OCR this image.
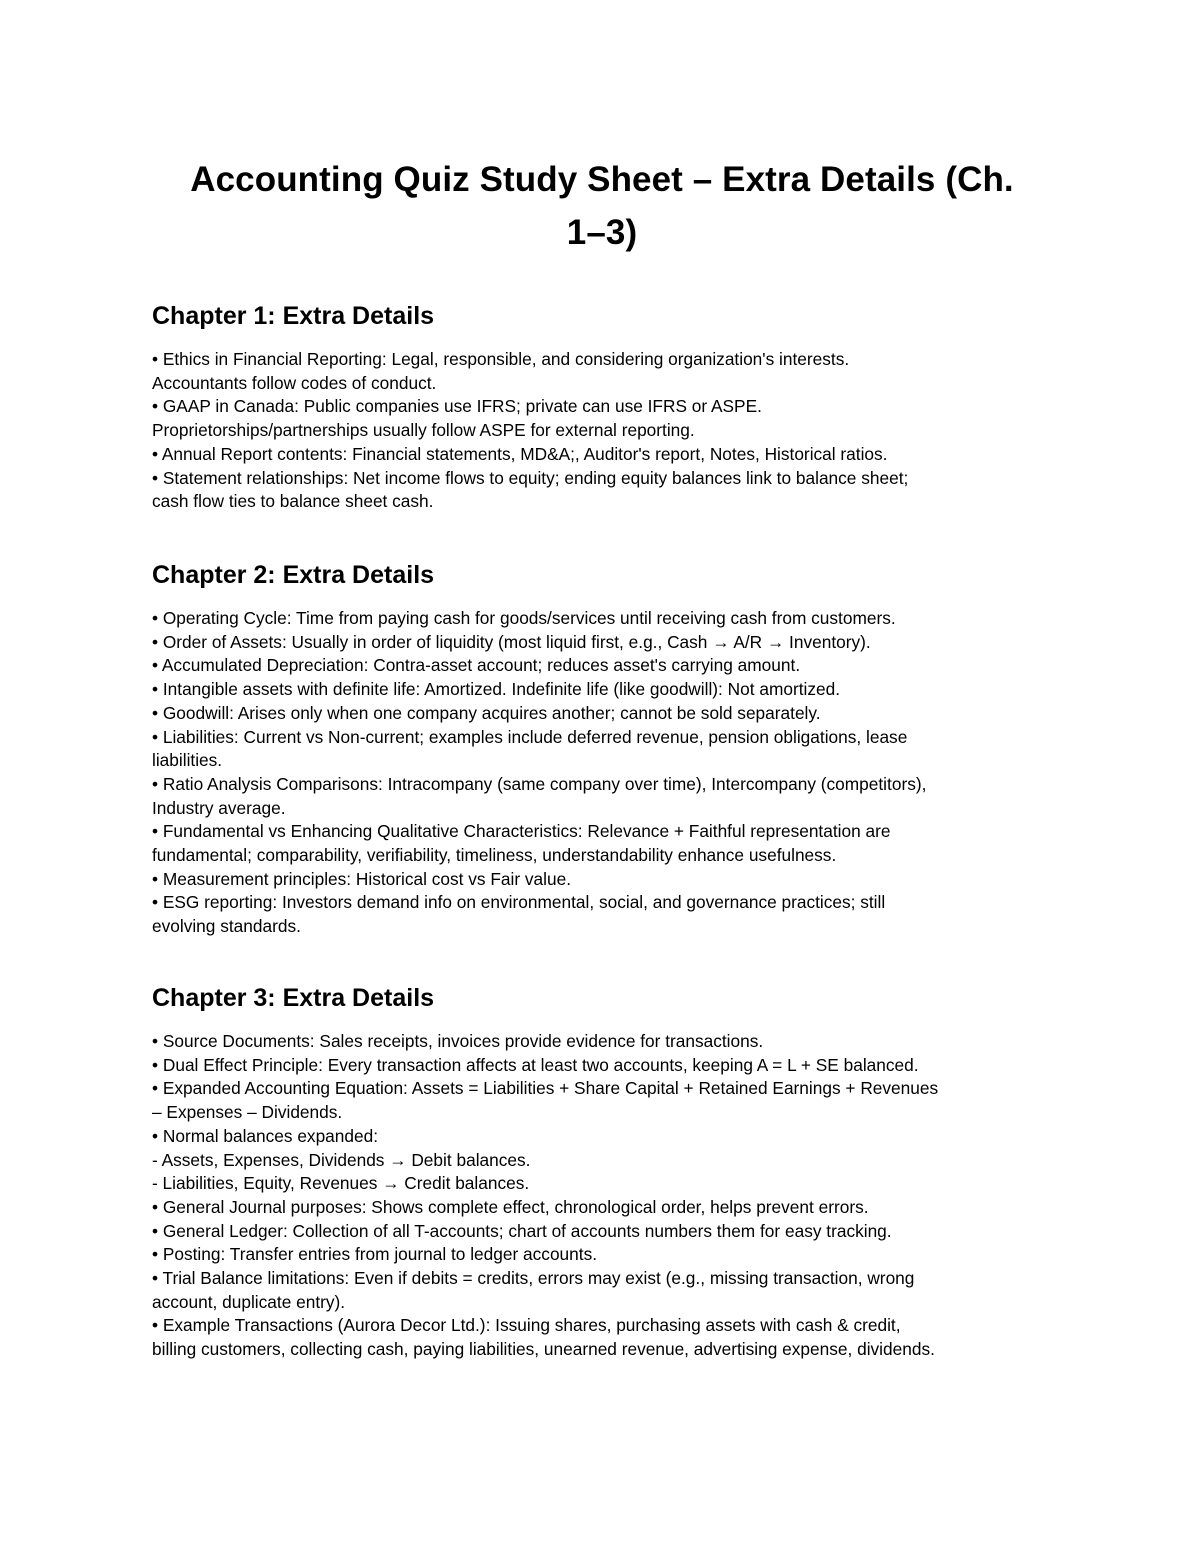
Accounting Quiz Study Sheet – Extra Details (Ch.
1–3)
Chapter 1: Extra Details
• Ethics in Financial Reporting: Legal, responsible, and considering organization's interests.
Accountants follow codes of conduct.
• GAAP in Canada: Public companies use IFRS; private can use IFRS or ASPE.
Proprietorships/partnerships usually follow ASPE for external reporting.
• Annual Report contents: Financial statements, MD&A;, Auditor's report, Notes, Historical ratios.
• Statement relationships: Net income flows to equity; ending equity balances link to balance sheet;
cash flow ties to balance sheet cash.
Chapter 2: Extra Details
• Operating Cycle: Time from paying cash for goods/services until receiving cash from customers.
• Order of Assets: Usually in order of liquidity (most liquid first, e.g., Cash → A/R → Inventory).
• Accumulated Depreciation: Contra-asset account; reduces asset's carrying amount.
• Intangible assets with definite life: Amortized. Indefinite life (like goodwill): Not amortized.
• Goodwill: Arises only when one company acquires another; cannot be sold separately.
• Liabilities: Current vs Non-current; examples include deferred revenue, pension obligations, lease
liabilities.
• Ratio Analysis Comparisons: Intracompany (same company over time), Intercompany (competitors),
Industry average.
• Fundamental vs Enhancing Qualitative Characteristics: Relevance + Faithful representation are
fundamental; comparability, verifiability, timeliness, understandability enhance usefulness.
• Measurement principles: Historical cost vs Fair value.
• ESG reporting: Investors demand info on environmental, social, and governance practices; still
evolving standards.
Chapter 3: Extra Details
• Source Documents: Sales receipts, invoices provide evidence for transactions.
• Dual Effect Principle: Every transaction affects at least two accounts, keeping A = L + SE balanced.
• Expanded Accounting Equation: Assets = Liabilities + Share Capital + Retained Earnings + Revenues
– Expenses – Dividends.
• Normal balances expanded:
- Assets, Expenses, Dividends → Debit balances.
- Liabilities, Equity, Revenues → Credit balances.
• General Journal purposes: Shows complete effect, chronological order, helps prevent errors.
• General Ledger: Collection of all T-accounts; chart of accounts numbers them for easy tracking.
• Posting: Transfer entries from journal to ledger accounts.
• Trial Balance limitations: Even if debits = credits, errors may exist (e.g., missing transaction, wrong
account, duplicate entry).
• Example Transactions (Aurora Decor Ltd.): Issuing shares, purchasing assets with cash & credit,
billing customers, collecting cash, paying liabilities, unearned revenue, advertising expense, dividends.
